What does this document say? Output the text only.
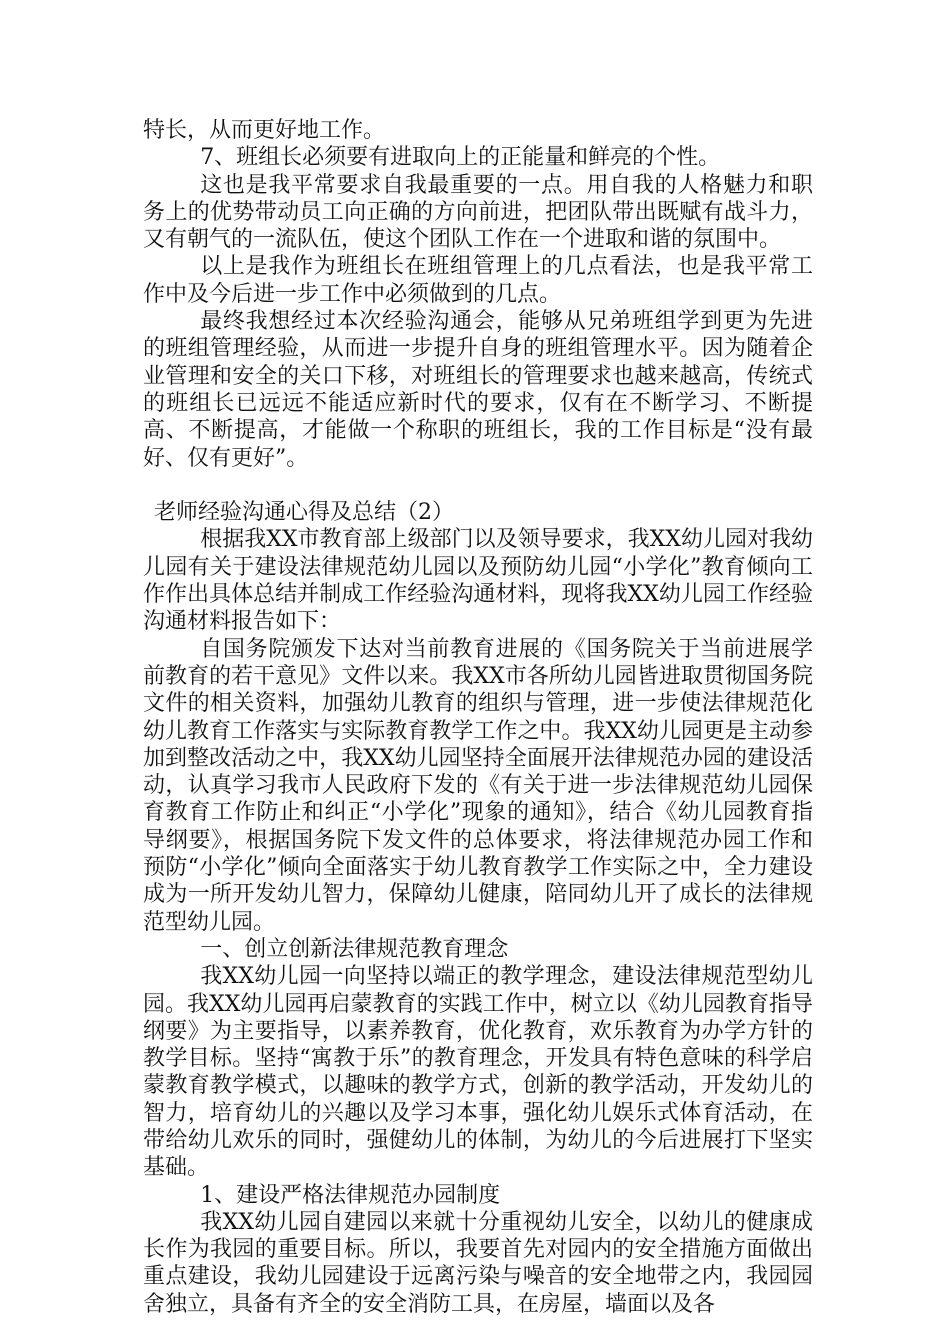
特长，从而更好地工作。

7、班组长必须要有进取向上的正能量和鲜亮的个性。

这也是我平常要求自我最重要的一点。用自我的人格魅力和职务上的优势带动员工向正确的方向前进，把团队带出既赋有战斗力，又有朝气的一流队伍，使这个团队工作在一个进取和谐的氛围中。

以上是我作为班组长在班组管理上的几点看法，也是我平常工作中及今后进一步工作中必须做到的几点。

最终我想经过本次经验沟通会，能够从兄弟班组学到更为先进的班组管理经验，从而进一步提升自身的班组管理水平。因为随着企业管理和安全的关口下移，对班组长的管理要求也越来越高，传统式的班组长已远远不能适应新时代的要求，仅有在不断学习、不断提高、不断提高，才能做一个称职的班组长，我的工作目标是“没有最好、仅有更好”。

老师经验沟通心得及总结（2）

根据我XX市教育部上级部门以及领导要求，我XX幼儿园对我幼儿园有关于建设法律规范幼儿园以及预防幼儿园“小学化”教育倾向工作作出具体总结并制成工作经验沟通材料，现将我XX幼儿园工作经验沟通材料报告如下：

自国务院颁发下达对当前教育进展的《国务院关于当前进展学前教育的若干意见》文件以来。我XX市各所幼儿园皆进取贯彻国务院文件的相关资料，加强幼儿教育的组织与管理，进一步使法律规范化幼儿教育工作落实与实际教育教学工作之中。我XX幼儿园更是主动参加到整改活动之中，我XX幼儿园坚持全面展开法律规范办园的建设活动，认真学习我市人民政府下发的《有关于进一步法律规范幼儿园保育教育工作防止和纠正“小学化”现象的通知》，结合《幼儿园教育指导纲要》，根据国务院下发文件的总体要求，将法律规范办园工作和预防“小学化”倾向全面落实于幼儿教育教学工作实际之中，全力建设成为一所开发幼儿智力，保障幼儿健康，陪同幼儿开了成长的法律规范型幼儿园。

一、创立创新法律规范教育理念

我XX幼儿园一向坚持以端正的教学理念，建设法律规范型幼儿园。我XX幼儿园再启蒙教育的实践工作中，树立以《幼儿园教育指导纲要》为主要指导，以素养教育，优化教育，欢乐教育为办学方针的教学目标。坚持“寓教于乐”的教育理念，开发具有特色意味的科学启蒙教育教学模式，以趣味的教学方式，创新的教学活动，开发幼儿的智力，培育幼儿的兴趣以及学习本事，强化幼儿娱乐式体育活动，在带给幼儿欢乐的同时，强健幼儿的体制，为幼儿的今后进展打下坚实基础。

1、建设严格法律规范办园制度

我XX幼儿园自建园以来就十分重视幼儿安全，以幼儿的健康成长作为我园的重要目标。所以，我要首先对园内的安全措施方面做出重点建设，我幼儿园建设于远离污染与噪音的安全地带之内，我园园舍独立，具备有齐全的安全消防工具，在房屋，墙面以及各
